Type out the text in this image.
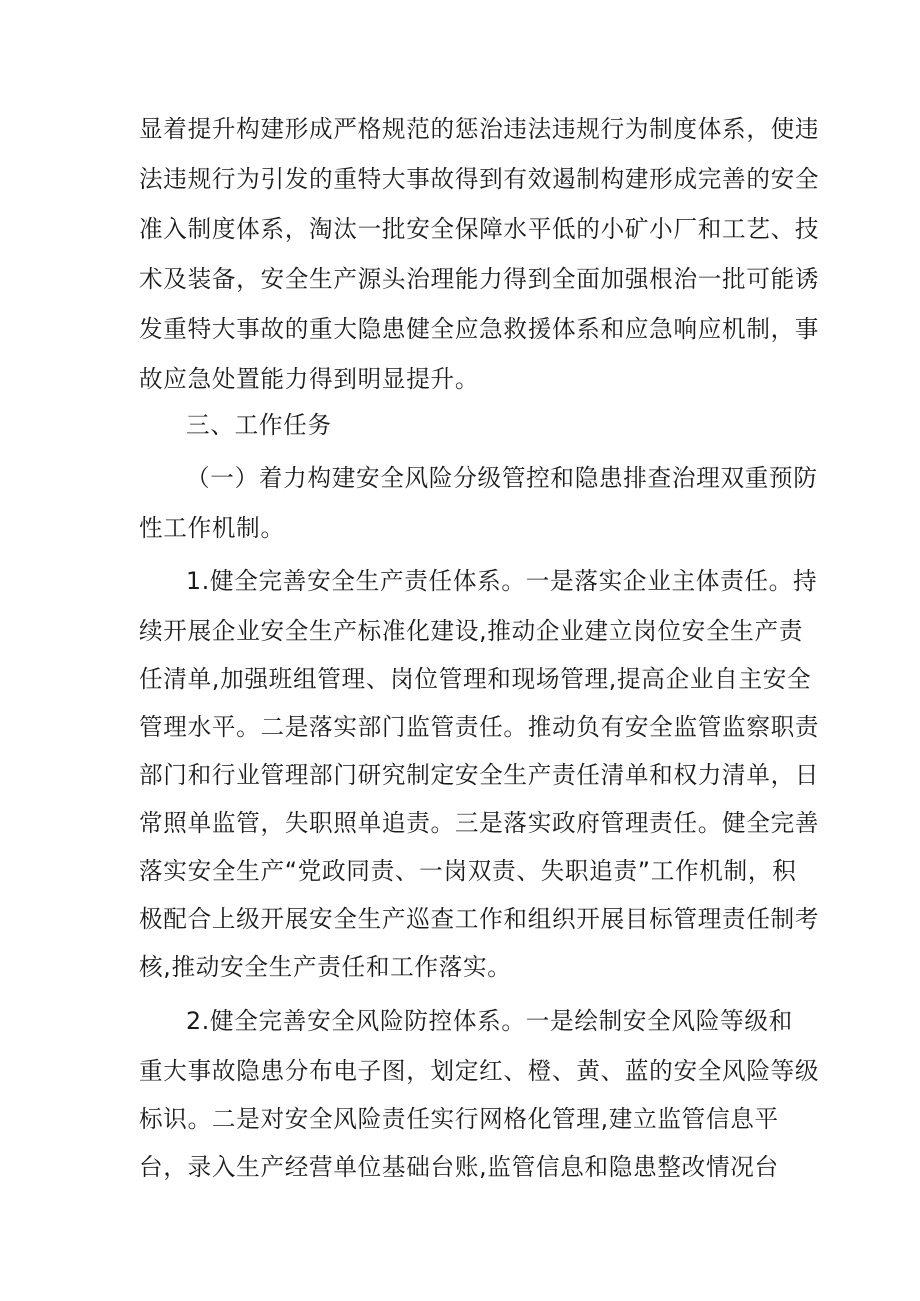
显着提升构建形成严格规范的惩治违法违规行为制度体系，使违
法违规行为引发的重特大事故得到有效遏制构建形成完善的安全
准入制度体系，淘汰一批安全保障水平低的小矿小厂和工艺、技
术及装备，安全生产源头治理能力得到全面加强根治一批可能诱
发重特大事故的重大隐患健全应急救援体系和应急响应机制，事
故应急处置能力得到明显提升。
三、工作任务
（一）着力构建安全风险分级管控和隐患排查治理双重预防
性工作机制。
1.健全完善安全生产责任体系。一是落实企业主体责任。持
续开展企业安全生产标准化建设,推动企业建立岗位安全生产责
任清单,加强班组管理、岗位管理和现场管理,提高企业自主安全
管理水平。二是落实部门监管责任。推动负有安全监管监察职责
部门和行业管理部门研究制定安全生产责任清单和权力清单，日
常照单监管，失职照单追责。三是落实政府管理责任。健全完善
落实安全生产“党政同责、一岗双责、失职追责”工作机制，积
极配合上级开展安全生产巡查工作和组织开展目标管理责任制考
核,推动安全生产责任和工作落实。
2.健全完善安全风险防控体系。一是绘制安全风险等级和
重大事故隐患分布电子图，划定红、橙、黄、蓝的安全风险等级
标识。二是对安全风险责任实行网格化管理,建立监管信息平
台，录入生产经营单位基础台账,监管信息和隐患整改情况台
